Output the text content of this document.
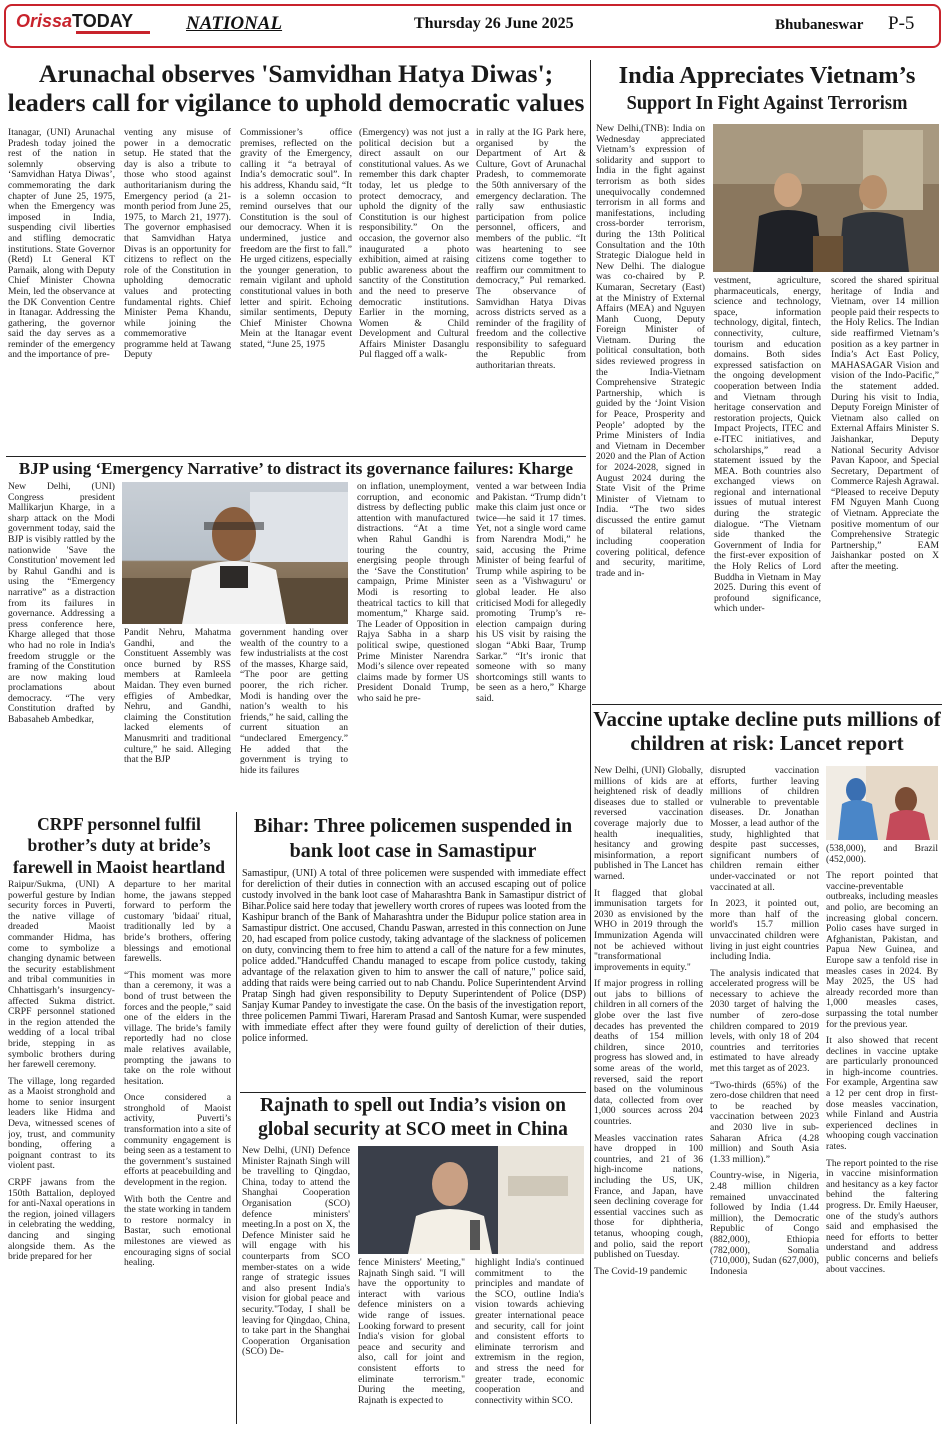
OrissaTODAY	NATIONAL	Thursday 26 June 2025	Bhubaneswar P-5
Arunachal observes 'Samvidhan Hatya Diwas'; leaders call for vigilance to uphold democratic values
Itanagar, (UNI) Arunachal Pradesh today joined the rest of the nation in solemnly observing ‘Samvidhan Hatya Diwas’, commemorating the dark chapter of June 25, 1975, when the Emergency was imposed in India, suspending civil liberties and stifling democratic institutions. State Governor (Retd) Lt General KT Parnaik, along with Deputy Chief Minister Chowna Mein, led the observance at the DK Convention Centre in Itanagar. Addressing the gathering, the governor said the day serves as a reminder of the emergency and the importance of pre-
venting any misuse of power in a democratic setup. He stated that the day is also a tribute to those who stood against authoritarianism during the Emergency period (a 21-month period from June 25, 1975, to March 21, 1977). The governor emphasised that Samvidhan Hatya Divas is an opportunity for citizens to reflect on the role of the Constitution in upholding democratic values and protecting fundamental rights. Chief Minister Pema Khandu, while joining the commemorative programme held at Tawang Deputy
Commissioner’s office premises, reflected on the gravity of the Emergency, calling it “a betrayal of India’s democratic soul”. In his address, Khandu said, “It is a solemn occasion to remind ourselves that our Constitution is the soul of our democracy. When it is undermined, justice and freedom are the first to fall.” He urged citizens, especially the younger generation, to remain vigilant and uphold constitutional values in both letter and spirit. Echoing similar sentiments, Deputy Chief Minister Chowna Mein at the Itanagar event stated, “June 25, 1975
(Emergency) was not just a political decision but a direct assault on our constitutional values. As we remember this dark chapter today, let us pledge to protect democracy, and uphold the dignity of the Constitution is our highest responsibility.” On the occasion, the governor also inaugurated a photo exhibition, aimed at raising public awareness about the sanctity of the Constitution and the need to preserve democratic institutions. Earlier in the morning, Women & Child Development and Cultural Affairs Minister Dasanglu Pul flagged off a walk-
in rally at the IG Park here, organised by the Department of Art & Culture, Govt of Arunachal Pradesh, to commemorate the 50th anniversary of the emergency declaration. The rally saw enthusiastic participation from police personnel, officers, and members of the public. “It was heartening to see citizens come together to reaffirm our commitment to democracy,” Pul remarked. The observance of Samvidhan Hatya Divas across districts served as a reminder of the fragility of freedom and the collective responsibility to safeguard the Republic from authoritarian threats.
BJP using ‘Emergency Narrative’ to distract its governance failures: Kharge
New Delhi, (UNI) Congress president Mallikarjun Kharge, in a sharp attack on the Modi government today, said the BJP is visibly rattled by the nationwide 'Save the Constitution' movement led by Rahul Gandhi and is using the “Emergency narrative” as a distraction from its failures in governance. Addressing a press conference here, Kharge alleged that those who had no role in India's freedom struggle or the framing of the Constitution are now making loud proclamations about democracy. “The very Constitution drafted by Babasaheb Ambedkar,
Pandit Nehru, Mahatma Gandhi, and the Constituent Assembly was once burned by RSS members at Ramleela Maidan. They even burned effigies of Ambedkar, Nehru, and Gandhi, claiming the Constitution lacked elements of Manusmriti and traditional culture,” he said. Alleging that the BJP
government handing over wealth of the country to a few industrialists at the cost of the masses, Kharge said, “The poor are getting poorer, the rich richer. Modi is handing over the nation’s wealth to his friends,” he said, calling the current situation an “undeclared Emergency.” He added that the government is trying to hide its failures
on inflation, unemployment, corruption, and economic distress by deflecting public attention with manufactured distractions. “At a time when Rahul Gandhi is touring the country, energising people through the ‘Save the Constitution’ campaign, Prime Minister Modi is resorting to theatrical tactics to kill that momentum,” Kharge said. The Leader of Opposition in Rajya Sabha in a sharp political swipe, questioned Prime Minister Narendra Modi’s silence over repeated claims made by former US President Donald Trump, who said he pre-
vented a war between India and Pakistan. “Trump didn’t make this claim just once or twice—he said it 17 times. Yet, not a single word came from Narendra Modi,” he said, accusing the Prime Minister of being fearful of Trump while aspiring to be seen as a 'Vishwaguru' or global leader. He also criticised Modi for allegedly promoting Trump’s re-election campaign during his US visit by raising the slogan “Abki Baar, Trump Sarkar.” “It’s ironic that someone with so many shortcomings still wants to be seen as a hero,” Kharge said.
India Appreciates Vietnam’s
Support In Fight Against Terrorism
New Delhi,(TNB): India on Wednesday appreciated Vietnam’s expression of solidarity and support to India in the fight against terrorism as both sides unequivocally condemned terrorism in all forms and manifestations, including cross-border terrorism, during the 13th Political Consultation and the 10th Strategic Dialogue held in New Delhi. The dialogue was co-chaired by P. Kumaran, Secretary (East) at the Ministry of External Affairs (MEA) and Nguyen Manh Cuong, Deputy Foreign Minister of Vietnam. During the political consultation, both sides reviewed progress in the India-Vietnam Comprehensive Strategic Partnership, which is guided by the ‘Joint Vision for Peace, Prosperity and People’ adopted by the Prime Ministers of India and Vietnam in December 2020 and the Plan of Action for 2024-2028, signed in August 2024 during the State Visit of the Prime Minister of Vietnam to India. “The two sides discussed the entire gamut of bilateral relations, including cooperation covering political, defence and security, maritime, trade and in-
vestment, agriculture, pharmaceuticals, energy, science and technology, space, information technology, digital, fintech, connectivity, culture, tourism and education domains. Both sides expressed satisfaction on the ongoing development cooperation between India and Vietnam through heritage conservation and restoration projects, Quick Impact Projects, ITEC and e-ITEC initiatives, and scholarships,” read a statement issued by the MEA. Both countries also exchanged views on regional and international issues of mutual interest during the strategic dialogue. “The Vietnam side thanked the Government of India for the first-ever exposition of the Holy Relics of Lord Buddha in Vietnam in May 2025. During this event of profound significance, which under-
scored the shared spiritual heritage of India and Vietnam, over 14 million people paid their respects to the Holy Relics. The Indian side reaffirmed Vietnam’s position as a key partner in India’s Act East Policy, MAHASAGAR Vision and vision of the Indo-Pacific,” the statement added. During his visit to India, Deputy Foreign Minister of Vietnam also called on External Affairs Minister S. Jaishankar, Deputy National Security Advisor Pavan Kapoor, and Special Secretary, Department of Commerce Rajesh Agrawal. “Pleased to receive Deputy FM Nguyen Manh Cuong of Vietnam. Appreciate the positive momentum of our Comprehensive Strategic Partnership,” EAM Jaishankar posted on X after the meeting.
Vaccine uptake decline puts millions of children at risk: Lancet report

New Delhi, (UNI) Globally, millions of kids are at heightened risk of deadly diseases due to stalled or reversed vaccination coverage majorly due to health inequalities, hesitancy and growing misinformation, a report published in The Lancet has warned.

It flagged that global immunisation targets for 2030 as envisioned by the WHO in 2019 through the Immunization Agenda will not be achieved without "transformational improvements in equity."

If major progress in rolling out jabs to billions of children in all corners of the globe over the last five decades has prevented the deaths of 154 million children, since 2010, progress has slowed and, in some areas of the world, reversed, said the report based on the voluminous data, collected from over 1,000 sources across 204 countries.

Measles vaccination rates have dropped in 100 countries, and 21 of 36 high-income nations, including the US, UK, France, and Japan, have seen declining coverage for essential vaccines such as those for diphtheria, tetanus, whooping cough, and polio, said the report published on Tuesday.

The Covid-19 pandemic

disrupted vaccination efforts, further leaving millions of children vulnerable to preventable diseases. Dr. Jonathan Mosser, a lead author of the study, highlighted that despite past successes, significant numbers of children remain either under-vaccinated or not vaccinated at all.

In 2023, it pointed out, more than half of the world's 15.7 million unvaccinated children were living in just eight countries including India.

The analysis indicated that accelerated progress will be necessary to achieve the 2030 target of halving the number of zero-dose children compared to 2019 levels, with only 18 of 204 countries and territories estimated to have already met this target as of 2023.

“Two-thirds (65%) of the zero-dose children that need to be reached by vaccination between 2023 and 2030 live in sub-Saharan Africa (4.28 million) and South Asia (1.33 million).”

Country-wise, in Nigeria, 2.48 million children remained unvaccinated followed by India (1.44 million), the Democratic Republic of Congo (882,000), Ethiopia (782,000), Somalia (710,000), Sudan (627,000), Indonesia

(538,000), and Brazil (452,000).

The report pointed that vaccine-preventable outbreaks, including measles and polio, are becoming an increasing global concern. Polio cases have surged in Afghanistan, Pakistan, and Papua New Guinea, and Europe saw a tenfold rise in measles cases in 2024. By May 2025, the US had already recorded more than 1,000 measles cases, surpassing the total number for the previous year.

It also showed that recent declines in vaccine uptake are particularly pronounced in high-income countries. For example, Argentina saw a 12 per cent drop in first-dose measles vaccination, while Finland and Austria experienced declines in whooping cough vaccination rates.

The report pointed to the rise in vaccine misinformation and hesitancy as a key factor behind the faltering progress. Dr. Emily Haeuser, one of the study's authors said and emphasised the need for efforts to better understand and address public concerns and beliefs about vaccines.

CRPF personnel fulfil brother’s duty at bride’s farewell in Maoist heartland

Raipur/Sukma, (UNI) A powerful gesture by Indian security forces in Puverti, the native village of dreaded Maoist commander Hidma, has come to symbolize a changing dynamic between the security establishment and tribal communities in Chhattisgarh’s insurgency-affected Sukma district. CRPF personnel stationed in the region attended the wedding of a local tribal bride, stepping in as symbolic brothers during her farewell ceremony.

The village, long regarded as a Maoist stronghold and home to senior insurgent leaders like Hidma and Deva, witnessed scenes of joy, trust, and community bonding, offering a poignant contrast to its violent past.

CRPF jawans from the 150th Battalion, deployed for anti-Naxal operations in the region, joined villagers in celebrating the wedding, dancing and singing alongside them. As the bride prepared for her

departure to her marital home, the jawans stepped forward to perform the customary 'bidaai' ritual, traditionally led by a bride’s brothers, offering blessings and emotional farewells.

“This moment was more than a ceremony, it was a bond of trust between the forces and the people,” said one of the elders in the village. The bride’s family reportedly had no close male relatives available, prompting the jawans to take on the role without hesitation.

Once considered a stronghold of Maoist activity, Puverti’s transformation into a site of community engagement is being seen as a testament to the government’s sustained efforts at peacebuilding and development in the region.

With both the Centre and the state working in tandem to restore normalcy in Bastar, such emotional milestones are viewed as encouraging signs of social healing.

Bihar: Three policemen suspended in bank loot case in Samastipur
Samastipur, (UNI) A total of three policemen were suspended with immediate effect for dereliction of their duties in connection with an accused escaping out of police custody involved in the bank loot case of Maharashtra Bank in Samastipur district of Bihar.Police said here today that jewellery worth crores of rupees was looted from the Kashipur branch of the Bank of Maharashtra under the Bidupur police station area in Samastipur district. One accused, Chandu Paswan, arrested in this connection on June 20, had escaped from police custody, taking advantage of the slackness of policemen on duty, convincing them to free him to attend a call of the nature for a few minutes, police added."Handcuffed Chandu managed to escape from police custody, taking advantage of the relaxation given to him to answer the call of nature," police said, adding that raids were being carried out to nab Chandu. Police Superintendent Arvind Pratap Singh had given responsibility to Deputy Superintendent of Police (DSP) Sanjay Kumar Pandey to investigate the case. On the basis of the investigation report, three policemen Pammi Tiwari, Hareram Prasad and Santosh Kumar, were suspended with immediate effect after they were found guilty of dereliction of their duties, police informed.
Rajnath to spell out India’s vision on global security at SCO meet in China
New Delhi, (UNI) Defence Minister Rajnath Singh will be travelling to Qingdao, China, today to attend the Shanghai Cooperation Organisation (SCO) defence ministers' meeting.In a post on X, the Defence Minister said he will engage with his counterparts from SCO member-states on a wide range of strategic issues and also present India's vision for global peace and security."Today, I shall be leaving for Qingdao, China, to take part in the Shanghai Cooperation Organisation (SCO) De-
fence Ministers' Meeting," Rajnath Singh said. "I will have the opportunity to interact with various defence ministers on a wide range of issues. Looking forward to present India's vision for global peace and security and also, call for joint and consistent efforts to eliminate terrorism." During the meeting, Rajnath is expected to
highlight India's continued commitment to the principles and mandate of the SCO, outline India's vision towards achieving greater international peace and security, call for joint and consistent efforts to eliminate terrorism and extremism in the region, and stress the need for greater trade, economic cooperation and connectivity within SCO.
